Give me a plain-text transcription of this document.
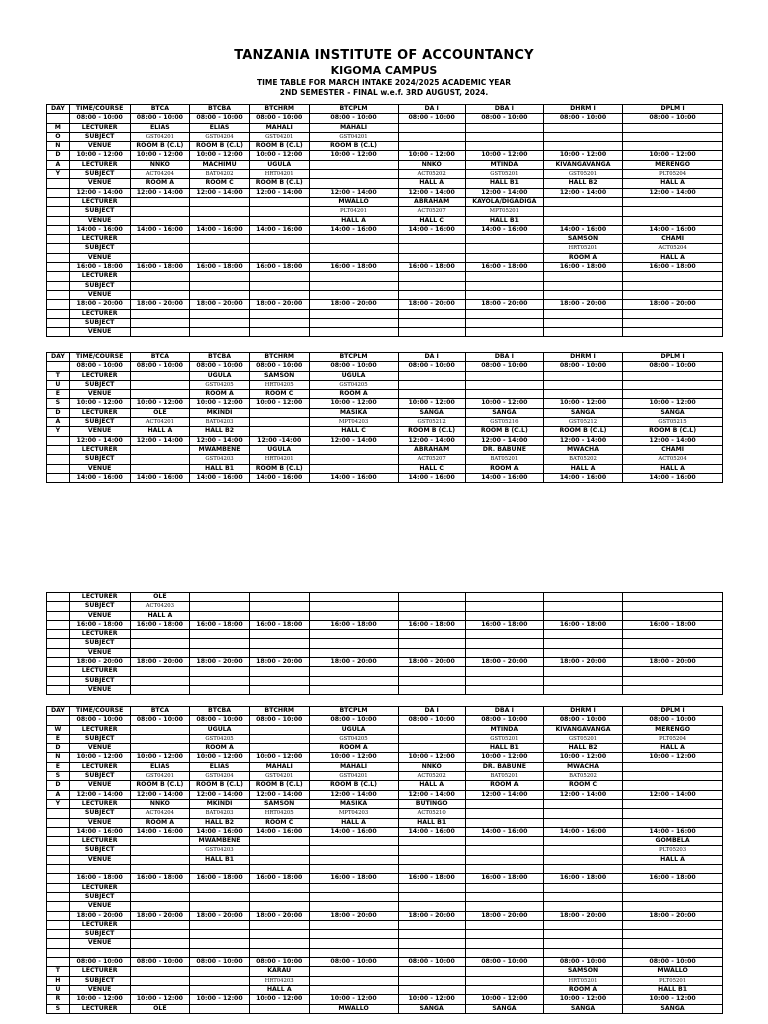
TANZANIA INSTITUTE OF ACCOUNTANCY
KIGOMA CAMPUS
TIME TABLE FOR MARCH INTAKE 2024/2025 ACADEMIC YEAR
2ND SEMESTER - FINAL w.e.f. 3RD AUGUST, 2024.
DAY	TIME/COURSE	BTCA	BTCBA	BTCHRM	BTCPLM	DA I	DBA I	DHRM I	DPLM I
	08:00 - 10:00	08:00 - 10:00	08:00 - 10:00	08:00 - 10:00	08:00 - 10:00	08:00 - 10:00	08:00 - 10:00	08:00 - 10:00	08:00 - 10:00
M	LECTURER	ELIAS	ELIAS	MAHALI	MAHALI				
O	SUBJECT	GST04201	GST04204	GST04201	GST04201				
N	VENUE	ROOM B (C.L)	ROOM B (C.L)	ROOM B (C.L)	ROOM B (C.L)				
D	10:00 - 12:00	10:00 - 12:00	10:00 - 12:00	10:00 - 12:00	10:00 - 12:00	10:00 - 12:00	10:00 - 12:00	10:00 - 12:00	10:00 - 12:00
A	LECTURER	NNKO	MACHIMU	UGULA		NNKO	MTINDA	KIVANGAVANGA	MERENGO
Y	SUBJECT	ACT04204	BAT04202	HRT04201		ACT05202	GST05201	GST05201	PLT05204
	VENUE	ROOM A	ROOM C	ROOM B (C.L)		HALL A	HALL B1	HALL B2	HALL A
	12:00 - 14:00	12:00 - 14:00	12:00 - 14:00	12:00 - 14:00	12:00 - 14:00	12:00 - 14:00	12:00 - 14:00	12:00 - 14:00	12:00 - 14:00
	LECTURER				MWALLO	ABRAHAM	KAYOLA/DIGADIGA		
	SUBJECT				PLT04201	ACT05207	MPT05201		
	VENUE				HALL A	HALL C	HALL B1		
	14:00 - 16:00	14:00 - 16:00	14:00 - 16:00	14:00 - 16:00	14:00 - 16:00	14:00 - 16:00	14:00 - 16:00	14:00 - 16:00	14:00 - 16:00
	LECTURER							SAMSON	CHAMI
	SUBJECT							HRT05201	ACT05204
	VENUE							ROOM A	HALL A
	16:00 - 18:00	16:00 - 18:00	16:00 - 18:00	16:00 - 18:00	16:00 - 18:00	16:00 - 18:00	16:00 - 18:00	16:00 - 18:00	16:00 - 18:00
	LECTURER								
	SUBJECT								
	VENUE								
	18:00 - 20:00	18:00 - 20:00	18:00 - 20:00	18:00 - 20:00	18:00 - 20:00	18:00 - 20:00	18:00 - 20:00	18:00 - 20:00	18:00 - 20:00
	LECTURER								
	SUBJECT								
	VENUE								
DAY	TIME/COURSE	BTCA	BTCBA	BTCHRM	BTCPLM	DA I	DBA I	DHRM I	DPLM I
	08:00 - 10:00	08:00 - 10:00	08:00 - 10:00	08:00 - 10:00	08:00 - 10:00	08:00 - 10:00	08:00 - 10:00	08:00 - 10:00	08:00 - 10:00
T	LECTURER		UGULA	SAMSON	UGULA				
U	SUBJECT		GST04205	HRT04205	GST04205				
E	VENUE		ROOM A	ROOM C	ROOM A				
S	10:00 - 12:00	10:00 - 12:00	10:00 - 12:00	10:00 - 12:00	10:00 - 12:00	10:00 - 12:00	10:00 - 12:00	10:00 - 12:00	10:00 - 12:00
D	LECTURER	OLE	MKINDI		MASIKA	SANGA	SANGA	SANGA	SANGA
A	SUBJECT	ACT04201	BAT04203		MPT04203	GST05212	GST05216	GST05212	GST05215
Y	VENUE	HALL A	HALL B2		HALL C	ROOM B (C.L)	ROOM B (C.L)	ROOM B (C.L)	ROOM B (C.L)
	12:00 - 14:00	12:00 - 14:00	12:00 - 14:00	12:00 -14:00	12:00 - 14:00	12:00 - 14:00	12:00 - 14:00	12:00 - 14:00	12:00 - 14:00
	LECTURER		MWAMBENE	UGULA		ABRAHAM	DR. BABUNE	MWACHA	CHAMI
	SUBJECT		GST04203	HRT04201		ACT05207	BAT05201	BAT05202	ACT05204
	VENUE		HALL B1	ROOM B (C.L)		HALL C	ROOM A	HALL A	HALL A
	14:00 - 16:00	14:00 - 16:00	14:00 - 16:00	14:00 - 16:00	14:00 - 16:00	14:00 - 16:00	14:00 - 16:00	14:00 - 16:00	14:00 - 16:00
	LECTURER	OLE							
	SUBJECT	ACT04203							
	VENUE	HALL A							
	16:00 - 18:00	16:00 - 18:00	16:00 - 18:00	16:00 - 18:00	16:00 - 18:00	16:00 - 18:00	16:00 - 18:00	16:00 - 18:00	16:00 - 18:00
	LECTURER								
	SUBJECT								
	VENUE								
	18:00 - 20:00	18:00 - 20:00	18:00 - 20:00	18:00 - 20:00	18:00 - 20:00	18:00 - 20:00	18:00 - 20:00	18:00 - 20:00	18:00 - 20:00
	LECTURER								
	SUBJECT								
	VENUE								
DAY	TIME/COURSE	BTCA	BTCBA	BTCHRM	BTCPLM	DA I	DBA I	DHRM I	DPLM I
	08:00 - 10:00	08:00 - 10:00	08:00 - 10:00	08:00 - 10:00	08:00 - 10:00	08:00 - 10:00	08:00 - 10:00	08:00 - 10:00	08:00 - 10:00
W	LECTURER		UGULA		UGULA		MTINDA	KIVANGAVANGA	MERENGO
E	SUBJECT		GST04205		GST04205		GST05201	GST05201	PLT05204
D	VENUE		ROOM A		ROOM A		HALL B1	HALL B2	HALL A
N	10:00 - 12:00	10:00 - 12:00	10:00 - 12:00	10:00 - 12:00	10:00 - 12:00	10:00 - 12:00	10:00 - 12:00	10:00 - 12:00	10:00 - 12:00
E	LECTURER	ELIAS	ELIAS	MAHALI	MAHALI	NNKO	DR. BABUNE	MWACHA	
S	SUBJECT	GST04201	GST04204	GST04201	GST04201	ACT05202	BAT05201	BAT05202	
D	VENUE	ROOM B (C.L)	ROOM B (C.L)	ROOM B (C.L)	ROOM B (C.L)	HALL A	ROOM A	ROOM C	
A	12:00 - 14:00	12:00 - 14:00	12:00 - 14:00	12:00 - 14:00	12:00 - 14:00	12:00 - 14:00	12:00 - 14:00	12:00 - 14:00	12:00 - 14:00
Y	LECTURER	NNKO	MKINDI	SAMSON	MASIKA	BUTINGO			
	SUBJECT	ACT04204	BAT04203	HRT04205	MPT04203	ACT05210			
	VENUE	ROOM A	HALL B2	ROOM C	HALL A	HALL B1			
	14:00 - 16:00	14:00 - 16:00	14:00 - 16:00	14:00 - 16:00	14:00 - 16:00	14:00 - 16:00	14:00 - 16:00	14:00 - 16:00	14:00 - 16:00
	LECTURER		MWAMBENE						GOMBELA
	SUBJECT		GST04203						PLT05203
	VENUE		HALL B1						HALL A

	16:00 - 18:00	16:00 - 18:00	16:00 - 18:00	16:00 - 18:00	16:00 - 18:00	16:00 - 18:00	16:00 - 18:00	16:00 - 18:00	16:00 - 18:00
	LECTURER								
	SUBJECT								
	VENUE								
	18:00 - 20:00	18:00 - 20:00	18:00 - 20:00	18:00 - 20:00	18:00 - 20:00	18:00 - 20:00	18:00 - 20:00	18:00 - 20:00	18:00 - 20:00
	LECTURER								
	SUBJECT								
	VENUE								

	08:00 - 10:00	08:00 - 10:00	08:00 - 10:00	08:00 - 10:00	08:00 - 10:00	08:00 - 10:00	08:00 - 10:00	08:00 - 10:00	08:00 - 10:00
T	LECTURER			KARAU				SAMSON	MWALLO
H	SUBJECT			HRT04203				HRT05201	PLT05201
U	VENUE			HALL A				ROOM A	HALL B1
R	10:00 - 12:00	10:00 - 12:00	10:00 - 12:00	10:00 - 12:00	10:00 - 12:00	10:00 - 12:00	10:00 - 12:00	10:00 - 12:00	10:00 - 12:00
S	LECTURER	OLE			MWALLO	SANGA	SANGA	SANGA	SANGA
